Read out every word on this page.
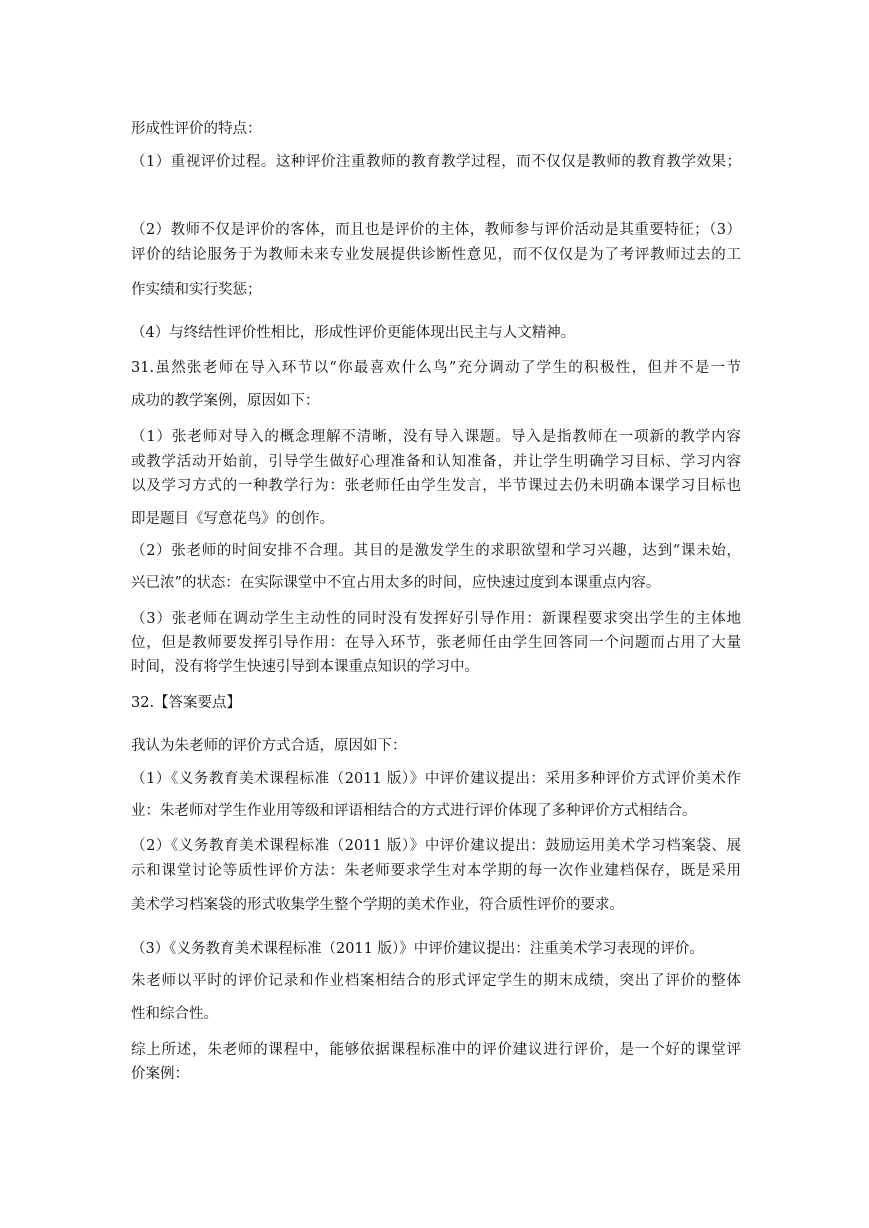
形成性评价的特点：
（1）重视评价过程。这种评价注重教师的教育教学过程，而不仅仅是教师的教育教学效果；
（2）教师不仅是评价的客体，而且也是评价的主体，教师参与评价活动是其重要特征；（3）
评价的结论服务于为教师未来专业发展提供诊断性意见，而不仅仅是为了考评教师过去的工
作实绩和实行奖惩；
（4）与终结性评价性相比，形成性评价更能体现出民主与人文精神。
31.虽然张老师在导入环节以“你最喜欢什么鸟”充分调动了学生的积极性，但并不是一节
成功的教学案例，原因如下：
（1）张老师对导入的概念理解不清晰，没有导入课题。导入是指教师在一项新的教学内容
或教学活动开始前，引导学生做好心理准备和认知准备，并让学生明确学习目标、学习内容
以及学习方式的一种教学行为：张老师任由学生发言，半节课过去仍未明确本课学习目标也
即是题目《写意花鸟》的创作。
（2）张老师的时间安排不合理。其目的是激发学生的求职欲望和学习兴趣，达到“课未始，
兴已浓”的状态：在实际课堂中不宜占用太多的时间，应快速过度到本课重点内容。
（3）张老师在调动学生主动性的同时没有发挥好引导作用：新课程要求突出学生的主体地
位，但是教师要发挥引导作用：在导入环节，张老师任由学生回答同一个问题而占用了大量
时间，没有将学生快速引导到本课重点知识的学习中。
32.【答案要点】
我认为朱老师的评价方式合适，原因如下：
（1）《义务教育美术课程标准（2011 版）》中评价建议提出：采用多种评价方式评价美术作
业：朱老师对学生作业用等级和评语相结合的方式进行评价体现了多种评价方式相结合。
（2）《义务教育美术课程标准（2011 版）》中评价建议提出：鼓励运用美术学习档案袋、展
示和课堂讨论等质性评价方法：朱老师要求学生对本学期的每一次作业建档保存，既是采用
美术学习档案袋的形式收集学生整个学期的美术作业，符合质性评价的要求。
（3）《义务教育美术课程标准（2011 版）》中评价建议提出：注重美术学习表现的评价。
朱老师以平时的评价记录和作业档案相结合的形式评定学生的期末成绩，突出了评价的整体
性和综合性。
综上所述，朱老师的课程中，能够依据课程标准中的评价建议进行评价，是一个好的课堂评
价案例：
